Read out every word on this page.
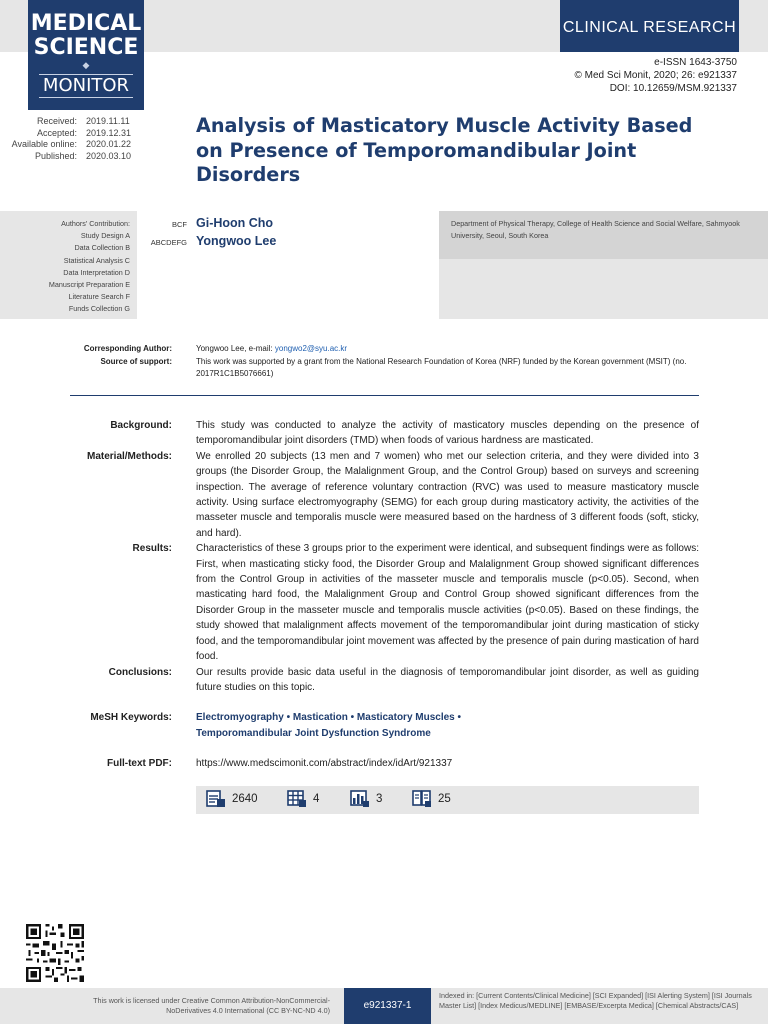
MEDICAL
SCIENCE
◆
MONITOR
CLINICAL RESEARCH
e-ISSN 1643-3750
© Med Sci Monit, 2020; 26: e921337
DOI: 10.12659/MSM.921337
Received:	2019.11.11
Accepted:	2019.12.31
Available online:	2020.01.22
Published:	2020.03.10
Analysis of Masticatory Muscle Activity Based on Presence of Temporomandibular Joint Disorders
Authors' Contribution:
Study Design A
Data Collection B
Statistical Analysis C
Data Interpretation D
Manuscript Preparation E
Literature Search F
Funds Collection G
BCF Gi-Hoon Cho
ABCDEFG Yongwoo Lee
Department of Physical Therapy, College of Health Science and Social Welfare, Sahmyook University, Seoul, South Korea
Corresponding Author:	Yongwoo Lee, e-mail: yongwo2@syu.ac.kr
Source of support:	This work was supported by a grant from the National Research Foundation of Korea (NRF) funded by the Korean government (MSIT) (no. 2017R1C1B5076661)
Background:	This study was conducted to analyze the activity of masticatory muscles depending on the presence of temporomandibular joint disorders (TMD) when foods of various hardness are masticated.
Material/Methods:	We enrolled 20 subjects (13 men and 7 women) who met our selection criteria, and they were divided into 3 groups (the Disorder Group, the Malalignment Group, and the Control Group) based on surveys and screening inspection. The average of reference voluntary contraction (RVC) was used to measure masticatory muscle activity. Using surface electromyography (SEMG) for each group during masticatory activity, the activities of the masseter muscle and temporalis muscle were measured based on the hardness of 3 different foods (soft, sticky, and hard).
Results:	Characteristics of these 3 groups prior to the experiment were identical, and subsequent findings were as follows: First, when masticating sticky food, the Disorder Group and Malalignment Group showed significant differences from the Control Group in activities of the masseter muscle and temporalis muscle (p<0.05). Second, when masticating hard food, the Malalignment Group and Control Group showed significant differences from the Disorder Group in the masseter muscle and temporalis muscle activities (p<0.05). Based on these findings, the study showed that malalignment affects movement of the temporomandibular joint during mastication of sticky food, and the temporomandibular joint movement was affected by the presence of pain during mastication of hard food.
Conclusions:	Our results provide basic data useful in the diagnosis of temporomandibular joint disorder, as well as guiding future studies on this topic.
MeSH Keywords:	Electromyography • Mastication • Masticatory Muscles •
Temporomandibular Joint Dysfunction Syndrome
Full-text PDF:	https://www.medscimonit.com/abstract/index/idArt/921337
2640	4	3	25
This work is licensed under Creative Common Attribution-NonCommercial-NoDerivatives 4.0 International (CC BY-NC-ND 4.0)	e921337-1
Indexed in: [Current Contents/Clinical Medicine] [SCI Expanded] [ISI Alerting System] [ISI Journals Master List] [Index Medicus/MEDLINE] [EMBASE/Excerpta Medica] [Chemical Abstracts/CAS]
